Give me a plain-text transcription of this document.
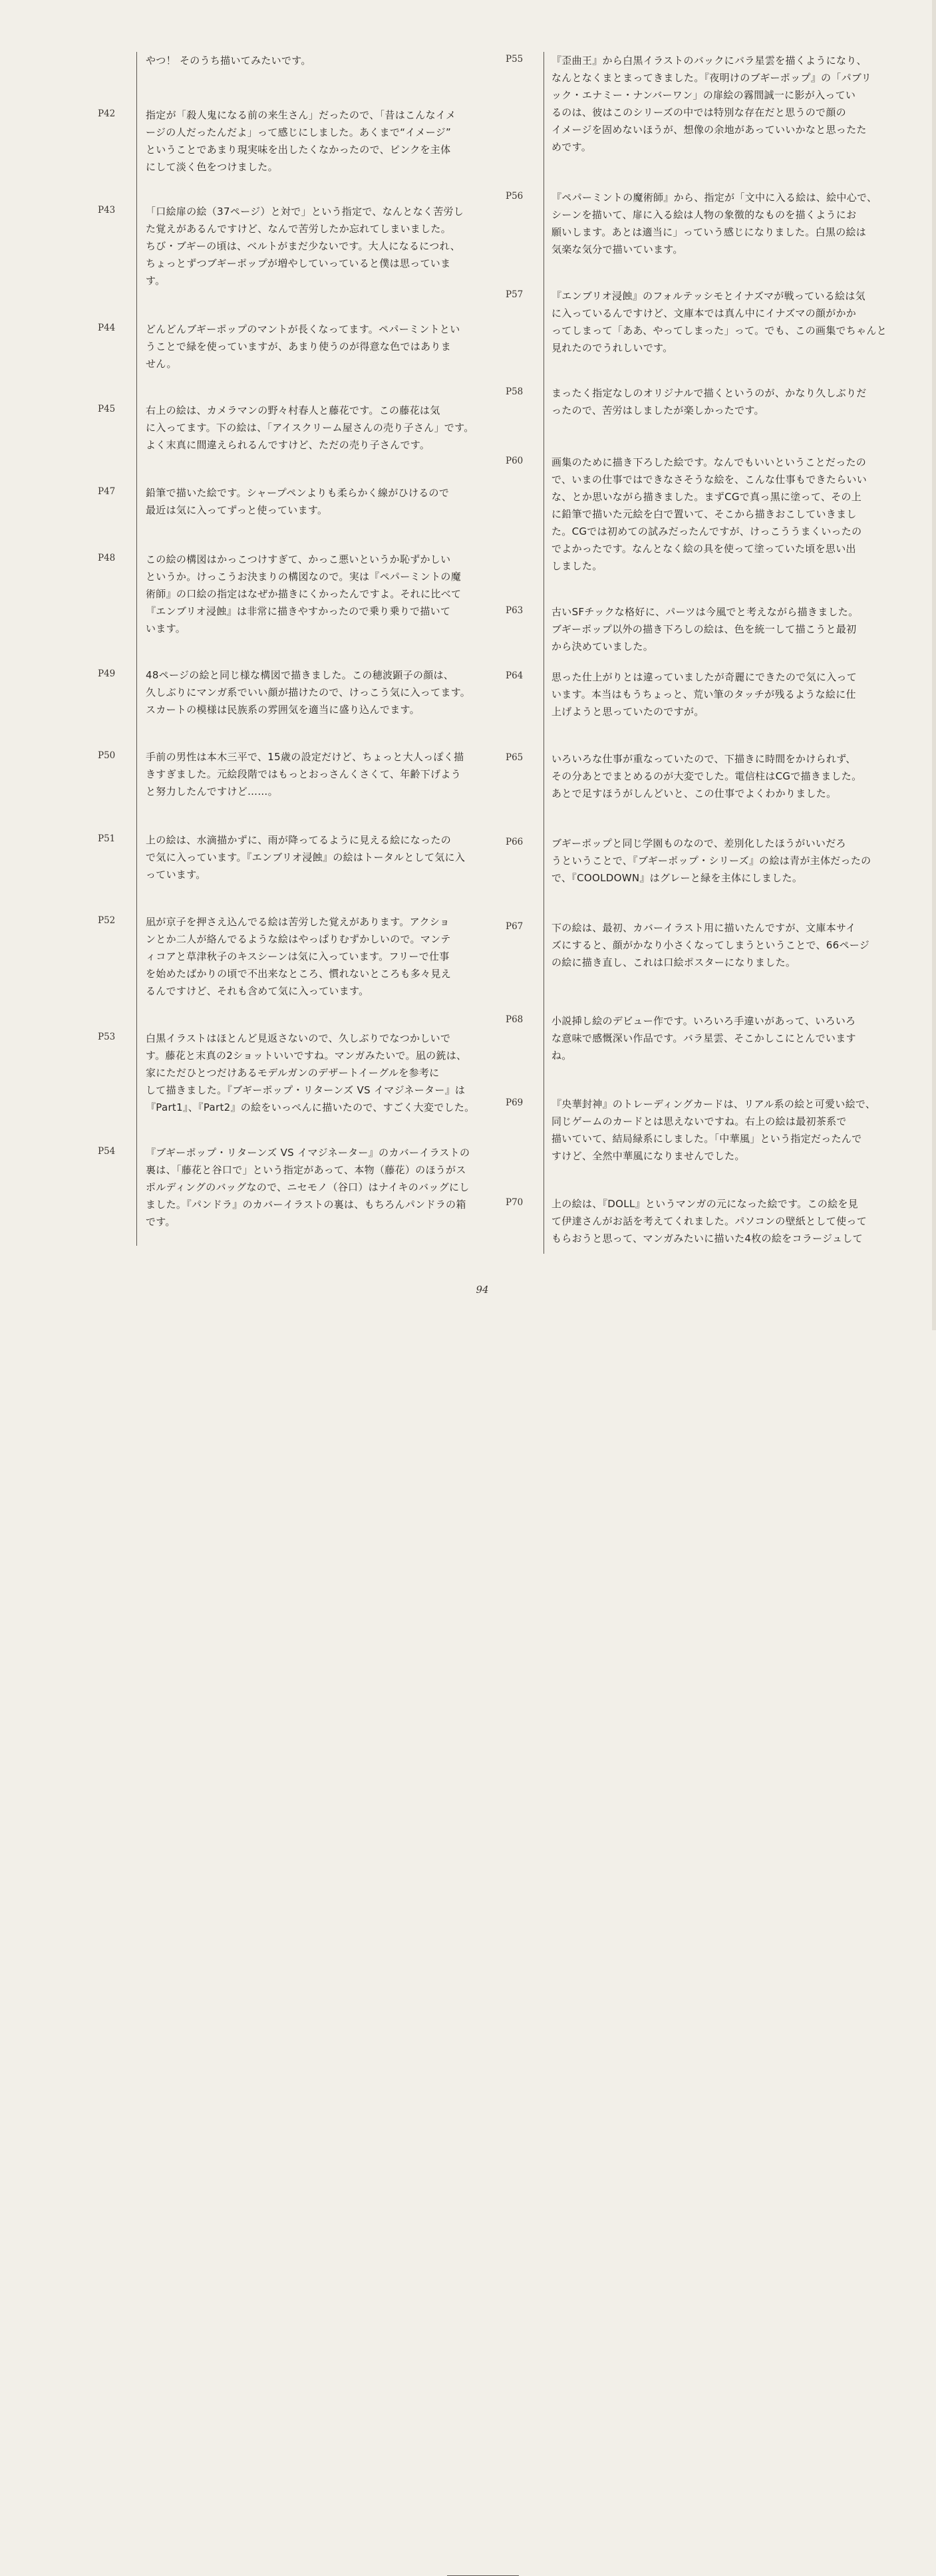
やつ！ そのうち描いてみたいです。

P42	指定が「殺人鬼になる前の来生さん」だったので、「昔はこんなイメ
ージの人だったんだよ」って感じにしました。あくまで“イメージ”
ということであまり現実味を出したくなかったので、ピンクを主体
にして淡く色をつけました。

P43	「口絵扉の絵（37ページ）と対で」という指定で、なんとなく苦労し
た覚えがあるんですけど、なんで苦労したか忘れてしまいました。
ちび・ブギーの頃は、ベルトがまだ少ないです。大人になるにつれ、
ちょっとずつブギーポップが増やしていっていると僕は思っていま
す。

P44	どんどんブギーポップのマントが長くなってます。ペパーミントとい
うことで緑を使っていますが、あまり使うのが得意な色ではありま
せん。

P45	右上の絵は、カメラマンの野々村春人と藤花です。この藤花は気
に入ってます。下の絵は、「アイスクリーム屋さんの売り子さん」です。
よく末真に間違えられるんですけど、ただの売り子さんです。

P47	鉛筆で描いた絵です。シャープペンよりも柔らかく線がひけるので
最近は気に入ってずっと使っています。

P48	この絵の構図はかっこつけすぎて、かっこ悪いというか恥ずかしい
というか。けっこうお決まりの構図なので。実は『ペパーミントの魔
術師』の口絵の指定はなぜか描きにくかったんですよ。それに比べて
『エンブリオ浸蝕』は非常に描きやすかったので乗り乗りで描いて
います。

P49	48ページの絵と同じ様な構図で描きました。この穂波顕子の顔は、
久しぶりにマンガ系でいい顔が描けたので、けっこう気に入ってます。
スカートの模様は民族系の雰囲気を適当に盛り込んでます。

P50	手前の男性は本木三平で、15歳の設定だけど、ちょっと大人っぽく描
きすぎました。元絵段階ではもっとおっさんくさくて、年齢下げよう
と努力したんですけど……。

P51	上の絵は、水滴描かずに、雨が降ってるように見える絵になったの
で気に入っています。『エンブリオ浸蝕』の絵はトータルとして気に入
っています。

P52	凪が京子を押さえ込んでる絵は苦労した覚えがあります。アクショ
ンとか二人が絡んでるような絵はやっぱりむずかしいので。マンテ
ィコアと草津秋子のキスシーンは気に入っています。フリーで仕事
を始めたばかりの頃で不出来なところ、慣れないところも多々見え
るんですけど、それも含めて気に入っています。

P53	白黒イラストはほとんど見返さないので、久しぶりでなつかしいで
す。藤花と末真の2ショットいいですね。マンガみたいで。凪の銃は、
家にただひとつだけあるモデルガンのデザートイーグルを参考に
して描きました。『ブギーポップ・リターンズ VS イマジネーター』は
『Part1』、『Part2』の絵をいっぺんに描いたので、すごく大変でした。

P54	『ブギーポップ・リターンズ VS イマジネーター』のカバーイラストの
裏は、「藤花と谷口で」という指定があって、本物（藤花）のほうがス
ポルディングのバッグなので、ニセモノ（谷口）はナイキのバッグにし
ました。『パンドラ』のカバーイラストの裏は、もちろんパンドラの箱
です。

P55	『歪曲王』から白黒イラストのバックにバラ星雲を描くようになり、
なんとなくまとまってきました。『夜明けのブギーポップ』の「パブリ
ック・エナミー・ナンバーワン」の扉絵の霧間誠一に影が入ってい
るのは、彼はこのシリーズの中では特別な存在だと思うので顔の
イメージを固めないほうが、想像の余地があっていいかなと思ったた
めです。

P56	『ペパーミントの魔術師』から、指定が「文中に入る絵は、絵中心で、
シーンを描いて、扉に入る絵は人物の象徴的なものを描くようにお
願いします。あとは適当に」っていう感じになりました。白黒の絵は
気楽な気分で描いています。

P57	『エンブリオ浸蝕』のフォルテッシモとイナズマが戦っている絵は気
に入っているんですけど、文庫本では真ん中にイナズマの顔がかか
ってしまって「ああ、やってしまった」って。でも、この画集でちゃんと
見れたのでうれしいです。

P58	まったく指定なしのオリジナルで描くというのが、かなり久しぶりだ
ったので、苦労はしましたが楽しかったです。

P60	画集のために描き下ろした絵です。なんでもいいということだったの
で、いまの仕事ではできなさそうな絵を、こんな仕事もできたらいい
な、とか思いながら描きました。まずCGで真っ黒に塗って、その上
に鉛筆で描いた元絵を白で置いて、そこから描きおこしていきまし
た。CGでは初めての試みだったんですが、けっこううまくいったの
でよかったです。なんとなく絵の具を使って塗っていた頃を思い出
しました。

P63	古いSFチックな格好に、パーツは今風でと考えながら描きました。
ブギーポップ以外の描き下ろしの絵は、色を統一して描こうと最初
から決めていました。

P64	思った仕上がりとは違っていましたが奇麗にできたので気に入って
います。本当はもうちょっと、荒い筆のタッチが残るような絵に仕
上げようと思っていたのですが。

P65	いろいろな仕事が重なっていたので、下描きに時間をかけられず、
その分あとでまとめるのが大変でした。電信柱はCGで描きました。
あとで足すほうがしんどいと、この仕事でよくわかりました。

P66	ブギーポップと同じ学園ものなので、差別化したほうがいいだろ
うということで、『ブギーポップ・シリーズ』の絵は青が主体だったの
で、『COOLDOWN』はグレーと緑を主体にしました。

P67	下の絵は、最初、カバーイラスト用に描いたんですが、文庫本サイ
ズにすると、顔がかなり小さくなってしまうということで、66ページ
の絵に描き直し、これは口絵ポスターになりました。

P68	小説挿し絵のデビュー作です。いろいろ手違いがあって、いろいろ
な意味で感慨深い作品です。バラ星雲、そこかしこにとんでいます
ね。

P69	『央華封神』のトレーディングカードは、リアル系の絵と可愛い絵で、
同じゲームのカードとは思えないですね。右上の絵は最初茶系で
描いていて、結局緑系にしました。「中華風」という指定だったんで
すけど、全然中華風になりませんでした。

P70	上の絵は、『DOLL』というマンガの元になった絵です。この絵を見
て伊達さんがお話を考えてくれました。パソコンの壁紙として使って
もらおうと思って、マンガみたいに描いた4枚の絵をコラージュして

94
